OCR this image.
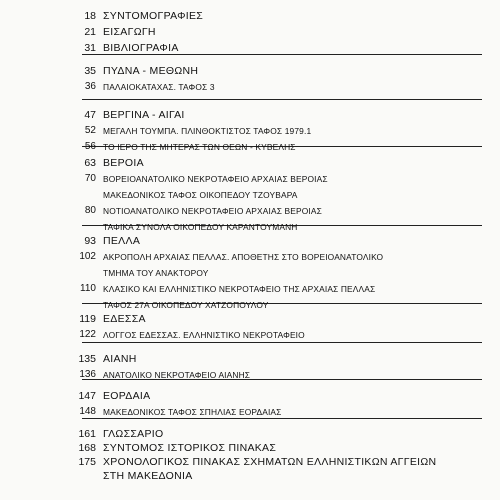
18 ΣΥΝΤΟΜΟΓΡΑΦΙΕΣ
21 ΕΙΣΑΓΩΓΗ
31 ΒΙΒΛΙΟΓΡΑΦΙΑ
35 ΠΥΔΝΑ - ΜΕΘΩΝΗ
36 ΠΑΛΑΙΟΚΑΤΑΧΑΣ. ΤΑΦΟΣ 3
47 ΒΕΡΓΙΝΑ - ΑΙΓΑΙ
52 ΜΕΓΑΛΗ ΤΟΥΜΠΑ. ΠΛΙΝΘΟΚΤΙΣΤΟΣ ΤΑΦΟΣ 1979.1
56 ΤΟ ΙΕΡΟ ΤΗΣ ΜΗΤΕΡΑΣ ΤΩΝ ΘΕΩΝ - ΚΥΒΕΛΗΣ
63 ΒΕΡΟΙΑ
70 ΒΟΡΕΙΟΑΝΑΤΟΛΙΚΟ ΝΕΚΡΟΤΑΦΕΙΟ ΑΡΧΑΙΑΣ ΒΕΡΟΙΑΣ
ΜΑΚΕΔΟΝΙΚΟΣ ΤΑΦΟΣ ΟΙΚΟΠΕΔΟΥ ΤΖΟΥΒΑΡΑ
80 ΝΟΤΙΟΑΝΑΤΟΛΙΚΟ ΝΕΚΡΟΤΑΦΕΙΟ ΑΡΧΑΙΑΣ ΒΕΡΟΙΑΣ
ΤΑΦΙΚΑ ΣΥΝΟΛΑ ΟΙΚΟΠΕΔΟΥ ΚΑΡΑΝΤΟΥΜΑΝΗ
93 ΠΕΛΛΑ
102 ΑΚΡΟΠΟΛΗ ΑΡΧΑΙΑΣ ΠΕΛΛΑΣ. ΑΠΟΘΕΤΗΣ ΣΤΟ ΒΟΡΕΙΟΑΝΑΤΟΛΙΚΟ
ΤΜΗΜΑ ΤΟΥ ΑΝΑΚΤΟΡΟΥ
110 ΚΛΑΣΙΚΟ ΚΑΙ ΕΛΛΗΝΙΣΤΙΚΟ ΝΕΚΡΟΤΑΦΕΙΟ ΤΗΣ ΑΡΧΑΙΑΣ ΠΕΛΛΑΣ
ΤΑΦΟΣ 27Α ΟΙΚΟΠΕΔΟΥ ΧΑΤΖΟΠΟΥΛΟΥ
119 ΕΔΕΣΣΑ
122 ΛΟΓΓΟΣ ΕΔΕΣΣΑΣ. ΕΛΛΗΝΙΣΤΙΚΟ ΝΕΚΡΟΤΑΦΕΙΟ
135 ΑΙΑΝΗ
136 ΑΝΑΤΟΛΙΚΟ ΝΕΚΡΟΤΑΦΕΙΟ ΑΙΑΝΗΣ
147 ΕΟΡΔΑΙΑ
148 ΜΑΚΕΔΟΝΙΚΟΣ ΤΑΦΟΣ ΣΠΗΛΙΑΣ ΕΟΡΔΑΙΑΣ
161 ΓΛΩΣΣΑΡΙΟ
168 ΣΥΝΤΟΜΟΣ ΙΣΤΟΡΙΚΟΣ ΠΙΝΑΚΑΣ
175 ΧΡΟΝΟΛΟΓΙΚΟΣ ΠΙΝΑΚΑΣ ΣΧΗΜΑΤΩΝ ΕΛΛΗΝΙΣΤΙΚΩΝ ΑΓΓΕΙΩΝ
ΣΤΗ ΜΑΚΕΔΟΝΙΑ
